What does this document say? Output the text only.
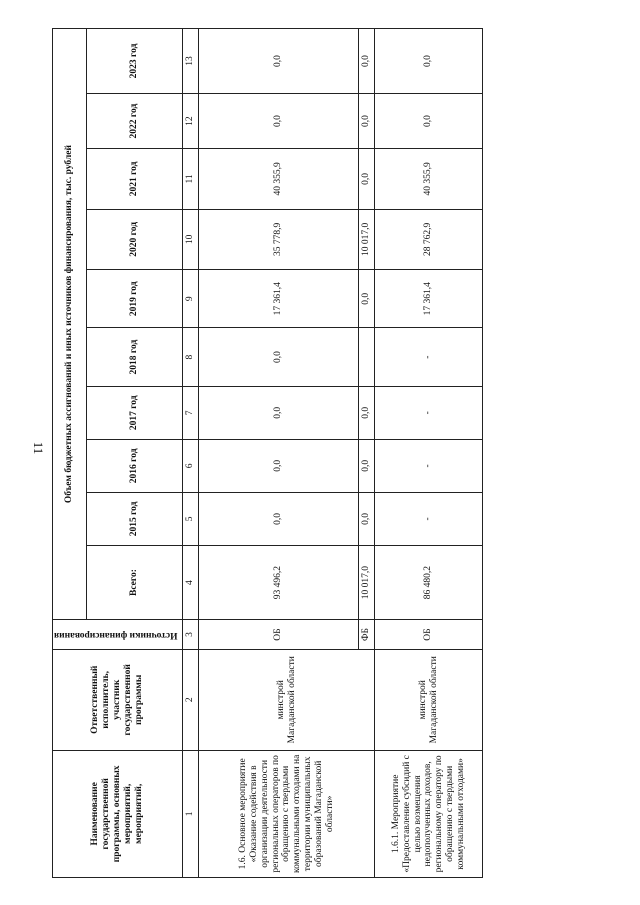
11
Наименование государственной программы, основных мероприятий, мероприятий,	Ответственный исполнитель, участник государственной программы	Источники финансирования	Объем бюджетных ассигнований и иных источников финансирования, тыс. рублей									
			Всего:	2015 год	2016 год	2017 год	2018 год	2019 год	2020 год	2021 год	2022 год	2023 год
1	2	3	4	5	6	7	8	9	10	11	12	13
1.6. Основное мероприятие «Оказание содействия в организации деятельности региональных операторов по обращению с твердыми коммунальными отходами на территории муниципальных образований Магаданской области»	минстрой Магаданской области	ОБ	93 496,2	0,0	0,0	0,0	0,0	17 361,4	35 778,9	40 355,9	0,0	0,0
		ФБ	10 017,0	0,0	0,0	0,0		0,0	10 017,0	0,0	0,0	0,0
1.6.1. Мероприятие «Предоставление субсидий с целью возмещения недополученных доходов, региональному оператору по обращению с твердыми коммунальными отходами»	минстрой Магаданской области	ОБ	86 480,2	-	-	-	-	17 361,4	28 762,9	40 355,9	0,0	0,0
